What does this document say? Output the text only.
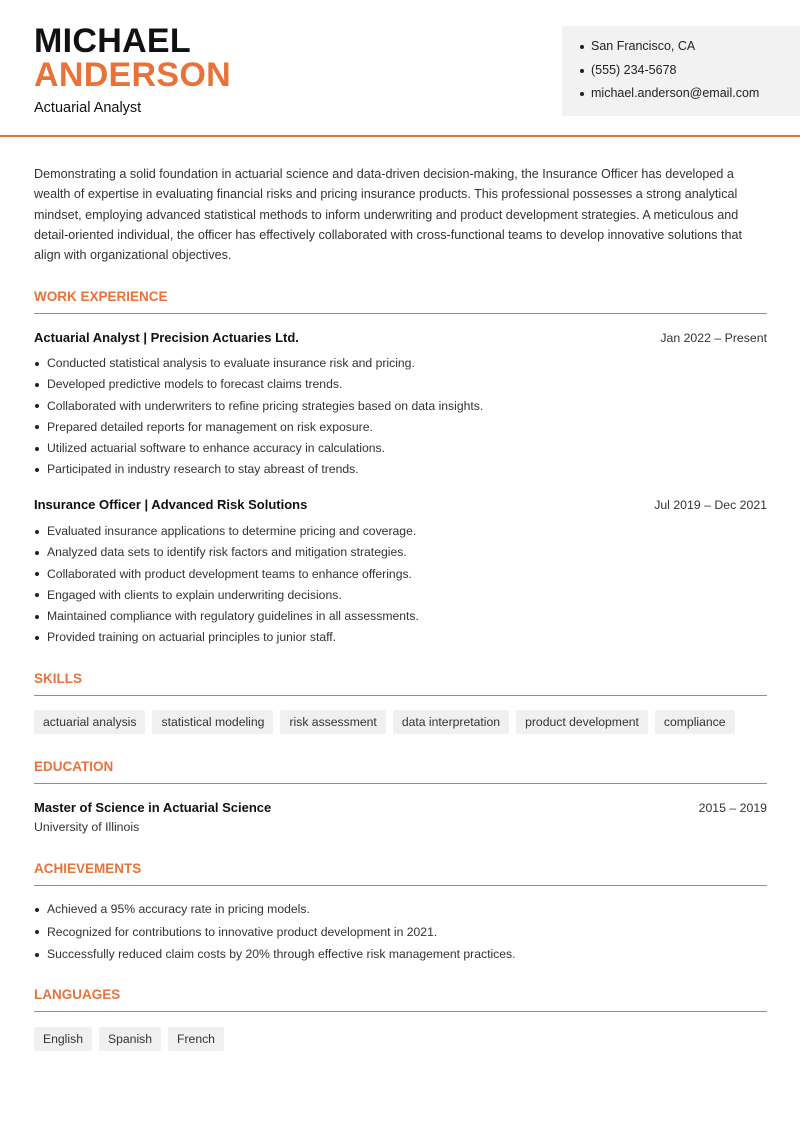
MICHAEL
ANDERSON
Actuarial Analyst
San Francisco, CA
(555) 234-5678
michael.anderson@email.com

Demonstrating a solid foundation in actuarial science and data-driven decision-making, the Insurance Officer has developed a wealth of expertise in evaluating financial risks and pricing insurance products. This professional possesses a strong analytical mindset, employing advanced statistical methods to inform underwriting and product development strategies. A meticulous and detail-oriented individual, the officer has effectively collaborated with cross-functional teams to develop innovative solutions that align with organizational objectives.

WORK EXPERIENCE
Actuarial Analyst | Precision Actuaries Ltd.	Jan 2022 – Present
Conducted statistical analysis to evaluate insurance risk and pricing.
Developed predictive models to forecast claims trends.
Collaborated with underwriters to refine pricing strategies based on data insights.
Prepared detailed reports for management on risk exposure.
Utilized actuarial software to enhance accuracy in calculations.
Participated in industry research to stay abreast of trends.
Insurance Officer | Advanced Risk Solutions	Jul 2019 – Dec 2021
Evaluated insurance applications to determine pricing and coverage.
Analyzed data sets to identify risk factors and mitigation strategies.
Collaborated with product development teams to enhance offerings.
Engaged with clients to explain underwriting decisions.
Maintained compliance with regulatory guidelines in all assessments.
Provided training on actuarial principles to junior staff.
SKILLS
actuarial analysis	statistical modeling	risk assessment	data interpretation	product development	compliance
EDUCATION
Master of Science in Actuarial Science	2015 – 2019
University of Illinois
ACHIEVEMENTS
Achieved a 95% accuracy rate in pricing models.
Recognized for contributions to innovative product development in 2021.
Successfully reduced claim costs by 20% through effective risk management practices.
LANGUAGES
English	Spanish	French
